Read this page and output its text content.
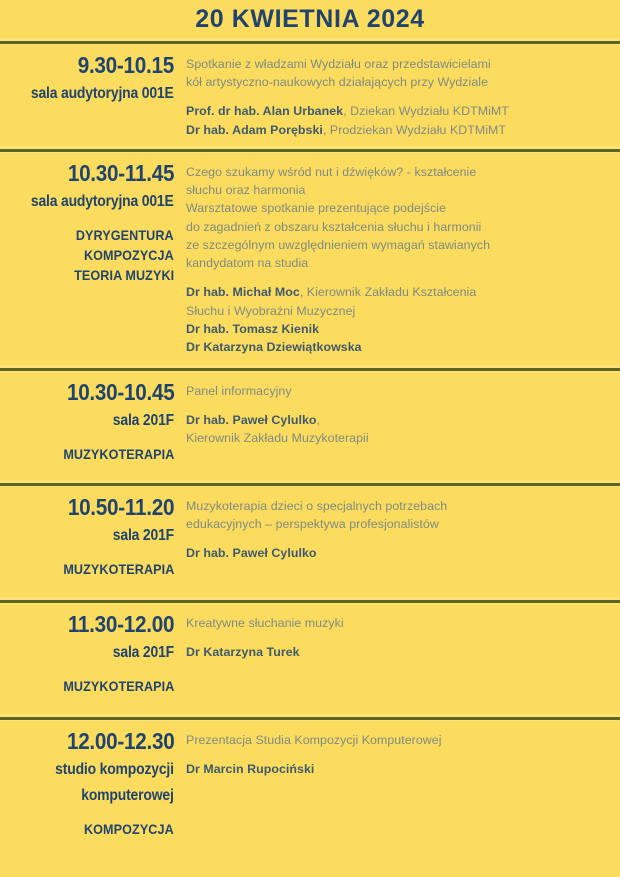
20 KWIETNIA 2024
9.30-10.15
sala audytoryjna 001E
Spotkanie z władzami Wydziału oraz przedstawicielami
kół artystyczno-naukowych działających przy Wydziale
Prof. dr hab. Alan Urbanek, Dziekan Wydziału KDTMiMT
Dr hab. Adam Porębski, Prodziekan Wydziału KDTMiMT
10.30-11.45
sala audytoryjna 001E
DYRYGENTURA
KOMPOZYCJA
TEORIA MUZYKI
Czego szukamy wśród nut i dźwięków? - kształcenie
słuchu oraz harmonia
Warsztatowe spotkanie prezentujące podejście
do zagadnień z obszaru kształcenia słuchu i harmonii
ze szczególnym uwzględnieniem wymagań stawianych
kandydatom na studia
Dr hab. Michał Moc, Kierownik Zakładu Kształcenia
Słuchu i Wyobraźni Muzycznej
Dr hab. Tomasz Kienik
Dr Katarzyna Dziewiątkowska
10.30-10.45
sala 201F
MUZYKOTERAPIA
Panel informacyjny
Dr hab. Paweł Cylulko,
Kierownik Zakładu Muzykoterapii
10.50-11.20
sala 201F
MUZYKOTERAPIA
Muzykoterapia dzieci o specjalnych potrzebach
edukacyjnych – perspektywa profesjonalistów
Dr hab. Paweł Cylulko
11.30-12.00
sala 201F
MUZYKOTERAPIA
Kreatywne słuchanie muzyki
Dr Katarzyna Turek
12.00-12.30
studio kompozycji
komputerowej
KOMPOZYCJA
Prezentacja Studia Kompozycji Komputerowej
Dr Marcin Rupociński
